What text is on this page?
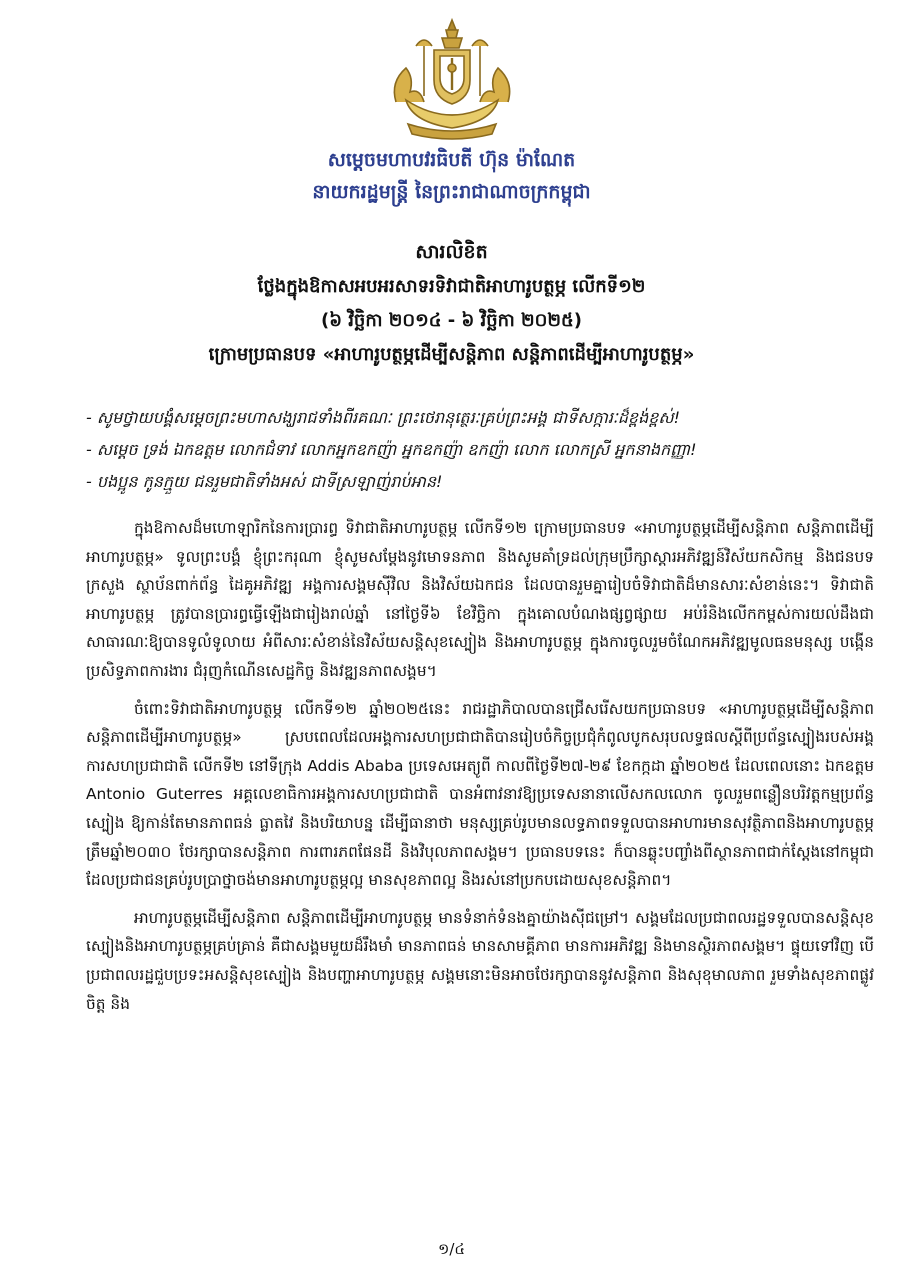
សម្តេចមហាបវរធិបតី ហ៊ុន ម៉ាណែត
នាយករដ្ឋមន្ត្រី នៃព្រះរាជាណាចក្រកម្ពុជា
សារលិខិត
ថ្លែងក្នុងឱកាសអបអរសាទរទិវាជាតិអាហារូបត្ថម្ភ លើកទី១២
(៦ វិច្ឆិកា ២០១៤ - ៦ វិច្ឆិកា ២០២៥)
ក្រោមប្រធានបទ «អាហារូបត្ថម្ភដើម្បីសន្តិភាព សន្តិភាពដើម្បីអាហារូបត្ថម្ភ»
- សូមថ្វាយបង្គំសម្តេចព្រះមហាសង្ឃរាជទាំងពីរគណៈ ព្រះថេរានុត្ថេរៈគ្រប់ព្រះអង្គ ជាទីសក្ការៈដ៏ខ្ពង់ខ្ពស់!
- សម្តេច ទ្រង់ ឯកឧត្តម លោកជំទាវ លោកអ្នកឧកញ៉ា អ្នកឧកញ៉ា ឧកញ៉ា លោក លោកស្រី អ្នកនាងកញ្ញា!
- បងប្អូន កូនក្មួយ ជនរួមជាតិទាំងអស់ ជាទីស្រឡាញ់រាប់អាន!

ក្នុងឱកាសដ៏មហោឡារិកនៃការប្រារព្ធ ទិវាជាតិអាហារូបត្ថម្ភ លើកទី១២ ក្រោមប្រធានបទ «អាហារូបត្ថម្ភដើម្បីសន្តិភាព សន្តិភាពដើម្បីអាហារូបត្ថម្ភ» ទូលព្រះបង្គំ ខ្ញុំព្រះករុណា ខ្ញុំសូមសម្តែងនូវមោទនភាព និងសូមគាំទ្រដល់ក្រុមប្រឹក្សាស្តារអភិវឌ្ឍន៍វិស័យកសិកម្ម និងជនបទ ក្រសួង ស្ថាប័នពាក់ព័ន្ធ ដៃគូអភិវឌ្ឍ អង្គការសង្គមស៊ីវិល និងវិស័យឯកជន ដែលបានរួមគ្នារៀបចំទិវាជាតិដ៏មានសារៈសំខាន់នេះ។ ទិវាជាតិអាហារូបត្ថម្ភ ត្រូវបានប្រារព្ធធ្វើឡើងជារៀងរាល់ឆ្នាំ នៅថ្ងៃទី៦ ខែវិច្ឆិកា ក្នុងគោលបំណងផ្សព្វផ្សាយ អប់រំនិងលើកកម្ពស់ការយល់ដឹងជាសាធារណៈឱ្យបានទូលំទូលាយ អំពីសារៈសំខាន់នៃវិស័យសន្តិសុខស្បៀង និងអាហារូបត្ថម្ភ ក្នុងការចូលរួមចំណែកអភិវឌ្ឍមូលធនមនុស្ស បង្កើនប្រសិទ្ធភាពការងារ ជំរុញកំណើនសេដ្ឋកិច្ច និងវឌ្ឍនភាពសង្គម។

ចំពោះទិវាជាតិអាហារូបត្ថម្ភ លើកទី១២ ឆ្នាំ២០២៥នេះ រាជរដ្ឋាភិបាលបានជ្រើសរើសយកប្រធានបទ «អាហារូបត្ថម្ភដើម្បីសន្តិភាព សន្តិភាពដើម្បីអាហារូបត្ថម្ភ» ស្របពេលដែលអង្គការសហប្រជាជាតិបានរៀបចំកិច្ចប្រជុំកំពូលបូកសរុបលទ្ធផលស្តីពីប្រព័ន្ធស្បៀងរបស់អង្គការសហប្រជាជាតិ លើកទី២ នៅទីក្រុង Addis Ababa ប្រទេសអេត្យូពី កាលពីថ្ងៃទី២៧-២៩ ខែកក្កដា ឆ្នាំ២០២៥ ដែលពេលនោះ ឯកឧត្តម Antonio Guterres អគ្គលេខាធិការអង្គការសហប្រជាជាតិ បានអំពាវនាវឱ្យប្រទេសនានាលើសកលលោក ចូលរួមពន្លឿនបរិវត្តកម្មប្រព័ន្ធស្បៀង ឱ្យកាន់តែមានភាពធន់ ធ្លាតវៃ និងបរិយាបន្ន ដើម្បីធានាថា មនុស្សគ្រប់រូបមានលទ្ធភាពទទួលបានអាហារមានសុវត្ថិភាពនិងអាហារូបត្ថម្ភត្រឹមឆ្នាំ២០៣០ ថែរក្សាបានសន្តិភាព ការពារភពផែនដី និងវិបុលភាពសង្គម។ ប្រធានបទនេះ ក៏បានឆ្លុះបញ្ចាំងពីស្ថានភាពជាក់ស្តែងនៅកម្ពុជា ដែលប្រជាជនគ្រប់រូបប្រាថ្នាចង់មានអាហារូបត្ថម្ភល្អ មានសុខភាពល្អ និងរស់នៅប្រកបដោយសុខសន្តិភាព។

អាហារូបត្ថម្ភដើម្បីសន្តិភាព សន្តិភាពដើម្បីអាហារូបត្ថម្ភ មានទំនាក់ទំនងគ្នាយ៉ាងស៊ីជម្រៅ។ សង្គមដែលប្រជាពលរដ្ឋទទួលបានសន្តិសុខស្បៀងនិងអាហារូបត្ថម្ភគ្រប់គ្រាន់ គឺជាសង្គមមួយដ៏រឹងមាំ មានភាពធន់ មានសាមគ្គីភាព មានការអភិវឌ្ឍ និងមានស្ថិរភាពសង្គម។ ផ្ទុយទៅវិញ បើប្រជាពលរដ្ឋជួបប្រទះអសន្តិសុខស្បៀង និងបញ្ហាអាហារូបត្ថម្ភ សង្គមនោះមិនអាចថែរក្សាបាននូវសន្តិភាព និងសុខុមាលភាព រួមទាំងសុខភាពផ្លូវចិត្ត និង

១/៤
